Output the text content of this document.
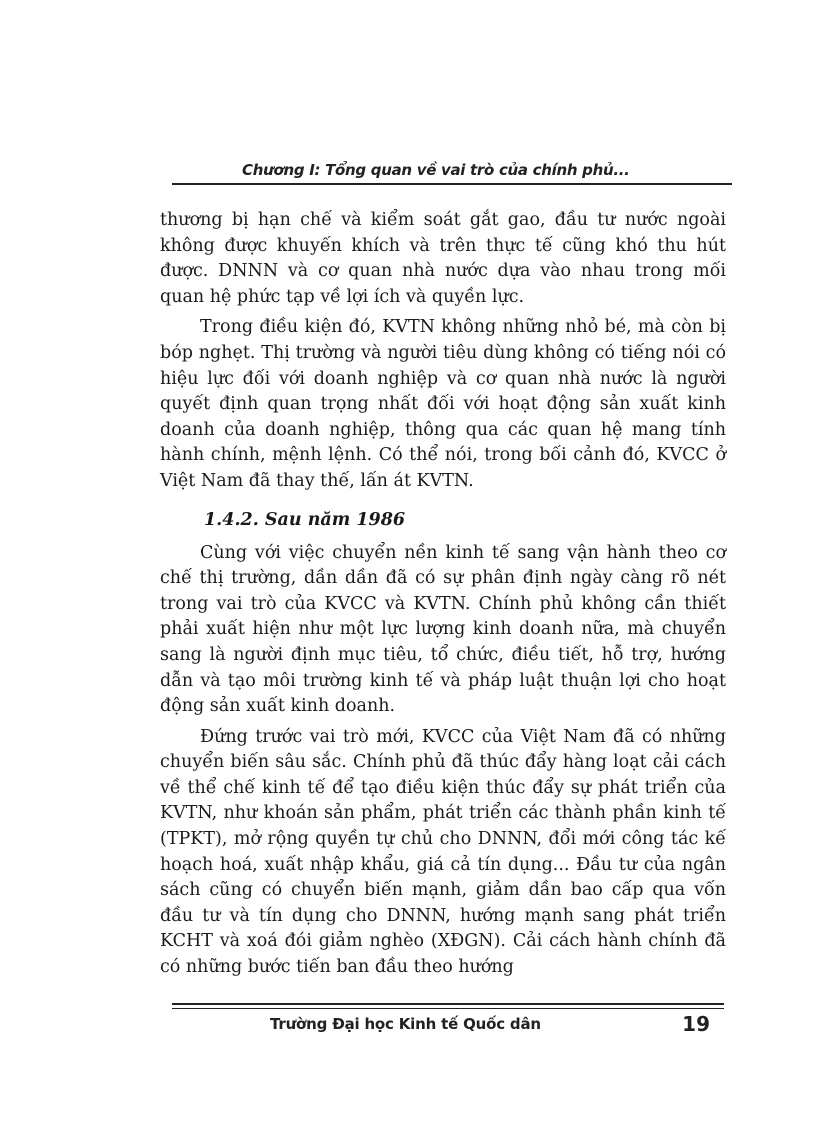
Chương I: Tổng quan về vai trò của chính phủ...

thương bị hạn chế và kiểm soát gắt gao, đầu tư nước ngoài không được khuyến khích và trên thực tế cũng khó thu hút được. DNNN và cơ quan nhà nước dựa vào nhau trong mối quan hệ phức tạp về lợi ích và quyền lực.

Trong điều kiện đó, KVTN không những nhỏ bé, mà còn bị bóp nghẹt. Thị trường và người tiêu dùng không có tiếng nói có hiệu lực đối với doanh nghiệp và cơ quan nhà nước là người quyết định quan trọng nhất đối với hoạt động sản xuất kinh doanh của doanh nghiệp, thông qua các quan hệ mang tính hành chính, mệnh lệnh. Có thể nói, trong bối cảnh đó, KVCC ở Việt Nam đã thay thế, lấn át KVTN.

1.4.2. Sau năm 1986

Cùng với việc chuyển nền kinh tế sang vận hành theo cơ chế thị trường, dần dần đã có sự phân định ngày càng rõ nét trong vai trò của KVCC và KVTN. Chính phủ không cần thiết phải xuất hiện như một lực lượng kinh doanh nữa, mà chuyển sang là người định mục tiêu, tổ chức, điều tiết, hỗ trợ, hướng dẫn và tạo môi trường kinh tế và pháp luật thuận lợi cho hoạt động sản xuất kinh doanh.

Đứng trước vai trò mới, KVCC của Việt Nam đã có những chuyển biến sâu sắc. Chính phủ đã thúc đẩy hàng loạt cải cách về thể chế kinh tế để tạo điều kiện thúc đẩy sự phát triển của KVTN, như khoán sản phẩm, phát triển các thành phần kinh tế (TPKT), mở rộng quyền tự chủ cho DNNN, đổi mới công tác kế hoạch hoá, xuất nhập khẩu, giá cả tín dụng... Đầu tư của ngân sách cũng có chuyển biến mạnh, giảm dần bao cấp qua vốn đầu tư và tín dụng cho DNNN, hướng mạnh sang phát triển KCHT và xoá đói giảm nghèo (XĐGN). Cải cách hành chính đã có những bước tiến ban đầu theo hướng

Trường Đại học Kinh tế Quốc dân	19
